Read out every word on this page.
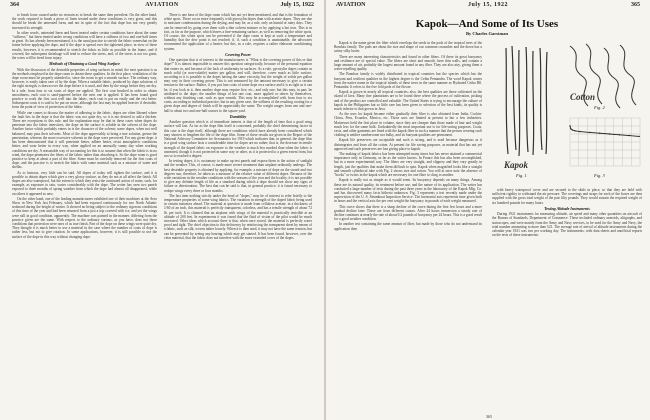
364	AVIATION	July 15, 1922

to break loose caused under no restrain as to break the same then prevalent. On the other hand, the work required to break a piece of linen treated under these conditions is very great, and this should be break the untreated form, and not in spite of the fact that dope has not very greatly increased its strength.

In other words, untreated linen and linen treated under certain conditions have about the same "stiffness," but linen treated under wrong conditions will have a stiffness of two and one-half times as great. As has already been mentioned, it is the usual practice to stretch the fabric somewhat on the frame before applying the dope, and if the dope is spread over the tightened place, in view of these results, however, it is recommended to stretch the fabric as little as possible in the frame, and if covered, the subsequent shrinkage will tend to reduce the stress, and, of the stress is not too great, the wires will be freed from injury.

Methods of Obtaining a Good Wing Surface

With the discussion of the desirable properties of wing surfaces in mind, the next question is as the methods employed in the dope room to obtain these qualities. In the first place, ventilation of the dope room must be properly attended to, since the room to get a smooth surface. The ordinary way, however, is easily taken care of by the dope. When a suitable fabric, produced by dope solutions of the right strength, is drawn over the dope before it is used, and then by the wings before they are dry. In a rule, from four to six coats of dope are applied. The first coat brushed in order to obtain smoothness, each coat is sand-papered before the next one is applied. It has been found good practice to work the first coat well into the fabric, each coat is put on easily and the rest better. Subsequent coats it is said to be put on more, although the last may be applied heavier if desirable, from the point of view of protection of the fabric.

While one comes to discuss the matter of adhering to the fabric, dopes are often likened where the fault lies in the dope is that the fabric was not quite dry, so it is not desired to add a thicken. There are exceptions to this rule, and the explanation may be that in these cases when dopes do penetrate into the fabric interstices, the dope on the surface is soluble in the solvent of the dope. Another factor which probably enters in is the character of the solvent; some dopes, when not well balanced, may pass their solvents. Most of the dope appreciably to bring a true solution, grease the penetration, whereas the more excessive solvents in the dope were perceived. For any given dope, it has been demonstrated that it will penetrate better, adhere better, resist atmospheric conditions better, and wear better in every way, when applied on an unusually sunny day when working conditions are dry. A reasonable way of accounting for this is to assume that when the fabric is in no wind, the dope penetrates the fibres of the fabric rather than absorbing it. So the dope room is good practice to keep at about a part of the fibre. Some must be carefully removed for the first coats of dope, and the practice is to stretch the fabric with some material such as a mixture of water and shellac.

As to lustrous, very little can be said. All dopes of today will tighten the surface, and it is possible to obtain dopes which give a very glossy surface, as they do not at all affect the finish. All dopes are also waterproof, but the extent to which they resist the continued action of water, such, for example, as exposure to rain, varies considerably with the dope. The writer has seen two panels exposed to three months of spring weather from which the dope had almost all disappeared, while on others it appeared as new.

On the other hand, one of the leading manufacturers exhibited one of their machines at the Aero Show in New York last February, which had been exposed continuously for two North Atlantic seaboard during the height of winter. It showed no being subject to the ordinary rigorous conditions of this time of the year and had been returned from a just a trip covered with ice, and yet the wings were still in good condition, apparently. The machine was painted in the manner, differing from the practice given are the same. With respect to the ordinary various, as you have, does not these conditions that protection were ones of as true finish. Part of the dope on these wings were quite dry. They thought it is much better to use a material in the case where the number of coats of dope is rather less, but not to give rotation. In some applications, however, it is still possible to use the surface of the dope in this way without changing dope.

There is one base of the dope room which has not yet been mentioned, and that is the formation of white spots. These occur more frequently with pyroxylin dopes than with acetate dopes. They are due to moisture condensation during the drying, and may be, as a rule, only on humid or rainy days. They can be removed by going over them with a thin solvent mixture or by applying a hot iron. This is in fact, as far as the purpose, which leaves a fine-remaining surface, as well as removing the white spots. Of course, the white spots can be prevented if the dope room is kept at such a temperature and humidity that the dew point is not reached; if, if, such a condition is unattainable, the advocates recommend the application of a heater; but this, as a rule, requires a rather elaborate conditioning system.

Covering Power

One question that is of interest to the manufacturers is "What is the covering power of this or that dope?" It is almost impossible to answer this question categorically, because of the personal equation that enters in, and because of the lack of uniformity in surfaces. As a rule, pyroxylin dopes contain as much solid (or non-volatile) matter per gallon, and will, therefore, cover much as little surface, according to it is possible to the dopes having the same viscosity, but the weight of solids per gallon may vary in their covering power. This is not measured by the amount necessary to give a certain tension to the surface. Rather, if you put four coats of some dope on a surface and it is as tight as it can be, if you look at it, then another dope may require five, etc., and only one; but this may, in part, be attributed to the dope; the smaller things of but one coat, more applied or others by themselves, without any finishing coat, such as spar varnish. This may be accomplished with from four to six coats, according to individual practice, but in any given case, the stiffness of the resulting coating for a given dope and degree of finish will be appreciably the same. The weight ranges from one and one-half to about two and one-half ounces to the square yard.

Durability

Another question which is of immediate interest is that of the length of time that a good wing surface will last. As far as the dope film itself is concerned, probably the chief determining factor in this case is the dope itself, although there are conditions which have already been considered which may shorten or lengthen the life of the dope film. Some of these results are given in the Report of the National Advisory Committee for Aeronautics for 1919 which indicates that, in general, the dope film is a good wing surface lasts a considerable time for dopes are no rather; that is, the decrease in tensile strength of the doped fabric on exposure to the weather is much less marked than when the fabric is untreated, though it is not protected in some way or other, as it is protected to a given extent from, but not so to reached a degree.

In testing dopes, it is customary to make up test panels and expose them to the action of sunlight and the weather. This, of course, is made more severe treatment than airplane ordinarily undergo. The best desirable property is obtained by applying, for example, a mixture of dope on the stored and two degrees sun, therefore, be taken as a measure of the relative value of different dopes. Because of the wide variations in the weather conditions with the seasons of the year and the locality, it is not possible to give any definite length of life as a standard during which a dope should not show any signs of failure or deterioration. The best that can be said is that, in general practice, it is found necessary to redope wings every three or four months.

The last item nothing strictly under the head of "dopes," may be of interest to refer briefly to the temperature properties of some wing fabrics. The variation in strength of the doped fabric being used in certain instances ahead. The material at question is made from cellulose acetate, in a thickness of 1/60 of an inch, this material is perfectly transparent, colorless, and has a tensile strength of about 72 lb. per inch. It is claimed that an airplane with wings of the material is practically invisible at an altitude of 200 feet. In experiments it was found that the fluid of vision of the pilot would be much increased. Other ideas which account there is that, when once stored, the material is perfectly water proof and tight. The chief objection to this deficiency by reinforcing the transparent sheet by means of a fabric, such as silk, woven rather loosely. When it is then used, it may not have the same tension, but can be prevented by seeing any bearing which may get started. It has been found, however, over the clear material, that the fabric does not interfere with the more extended cover of the dopes.

AVIATION	July 15, 1922	365
Kapok—And Some of Its Uses
By Charles Garstman

Kapok is the name given the fiber which envelops the seeds in the pods of the tropical trees of the Bombax family. The pods are about the size and shape of our common cucumber and the down has a satiny silky luster.

There are many interesting characteristics and found in other fibers. Of these its great buoyancy and resilience are of special value. The fibers are short and smooth, have thin walls, and contain a large amount of air, probably the largest amount found in any fiber. They are also airy, giving them a water-repelling quality.

The Bombax family is widely distributed in tropical countries but the species which has the buoyant and resilient qualities in the highest degree is the Ceiba Pentandra. The word Kapok comes from the native name in the tropical islands of these trees in the same manner as Hydrated Ceiba Bll. Pentandra. It refers to the five fold pods of the flower.

Kapok is grown in nearly all tropical countries; also, the best qualities are those cultivated on the island of Java. Many fine plantations are to be found there where the process of cultivation, picking and of the product are controlled and valuable. The United States is trying to encourage the culture of kapok in the Philippines but so little care has been given to selection of the best kinds, its quality is much inferior to that grown in Java.

As the uses for kapok became either gradually their fiber is also obtained from India, Cochin-China, Peru, Ecuador, Mexico, etc. Those uses are limited at present to but a few industries. Mattresses held the first place in volume, since they are cheaper than those made of hair and weight much less for the same bulk. Undoubtedly the most important use is for life-saving purposes. Coats, vests, and other garments are lined with the kapok fiber in such a manner that the person wearing such clothing is neither cumbersome nor bulky, and its buoyant qualities are permanent.

Kapok life preservers are acceptable and such is strong, and is used because dangerous as it disintegrates and loses all the cotton. At present for life saving purposes, as material that has not yet approved and such preservers are fast giving place to kapok.

The making of kapok fabrics has been attempted many times but has never attained a commercial importance only in Germany, as far as the writer knows. In France this has also been accomplished, but in a more experimental way. The fibers are very straight, and slippery and they vary greatly in length, just the qualities that make them difficult to spin. Kapok when magnified looks like a straight and smooth cylindrical tube with Fig. 2 shows size and cotton. You will at once note the absence of "hooks" or twists in the kapok which are necessary for one fibre to cling to another.

Kapok is really not as simple as it would seem. Its buoyancy depends on many things. Among these are its natural quality, its treatment before use, and the nature of its application. The writer has conducted a large number of tests during the past three years in the laboratory of the Kapok Mfg. Co. and has discovered many facts hitherto unknown. Fig. 3 represents a test recently made under the supervision of the U. S. Steamboat Inspection Service. The horizontal axis represents time given both in hours and the vertical axis the per cent weight the buoyancy in pounds of each weight measured.

This curve shows that there is a sharp decline of the curve during the first few hours and a more gradual decline later. These are from different causes. After 24 hours immersion a steady rate of decline continues at nearly the rate of about 0.2 pounds of buoyancy per 24 hours. This is a good result for a good weather condition.

In another test containing the same amount of fiber, but made by those who do not understand its application then

Kapok
Fig. 1
Cotton
Fig. 2
Fig. 3

with heavy waterproof cover and are secured to the skids in place, so that they are held with sufficient rigidity to withstand the air pressure. The coverings and straps for each of the boxes are then supplied with the gross total weight of the pair fifty pounds. They would sustain the required weight of six hundred pounds for many hours.

Testing Altitude Instruments

During 1921 instruments for measuring altitude, air speed and many other quantities on aircraft of the Bureau of Standards, Department of Commerce. These included ordinary aneroids, altigraphs, and statoscopes, and were mainly from the Army and Navy services, to be used for the Army and Navy, the total number amounting to more than 521. The average rate of arrival of altitude instruments during the calendar year 1921 was two per working day. The instruments, with data sheets and unofficial reports on the tests of these instruments.

365
